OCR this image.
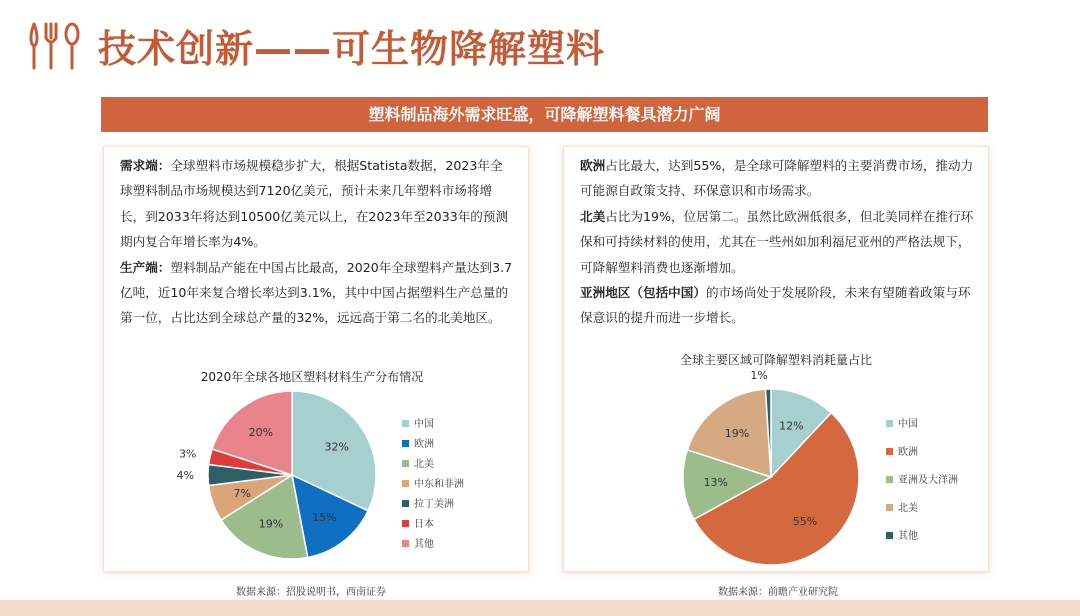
技术创新——可生物降解塑料
塑料制品海外需求旺盛，可降解塑料餐具潜力广阔

需求端：全球塑料市场规模稳步扩大，根据Statista数据，2023年全球塑料制品市场规模达到7120亿美元，预计未来几年塑料市场将增长，到2033年将达到10500亿美元以上，在2023年至2033年的预测期内复合年增长率为4%。

生产端：塑料制品产能在中国占比最高，2020年全球塑料产量达到3.7亿吨，近10年来复合增长率达到3.1%，其中中国占据塑料生产总量的第一位，占比达到全球总产量的32%，远远高于第二名的北美地区。

2020年全球各地区塑料材料生产分布情况
32%
15%
19%
7%
4%
3%
20%
中国
欧洲
北美
中东和非洲
拉丁美洲
日本
其他

欧洲占比最大，达到55%，是全球可降解塑料的主要消费市场，推动力可能源自政策支持、环保意识和市场需求。

北美占比为19%，位居第二。虽然比欧洲低很多，但北美同样在推行环保和可持续材料的使用，尤其在一些州如加利福尼亚州的严格法规下，可降解塑料消费也逐渐增加。

亚洲地区（包括中国）的市场尚处于发展阶段，未来有望随着政策与环保意识的提升而进一步增长。

全球主要区域可降解塑料消耗量占比
12%
55%
13%
19%
1%
中国
欧洲
亚洲及大洋洲
北美
其他
数据来源：招股说明书，西南证券	数据来源：前瞻产业研究院
